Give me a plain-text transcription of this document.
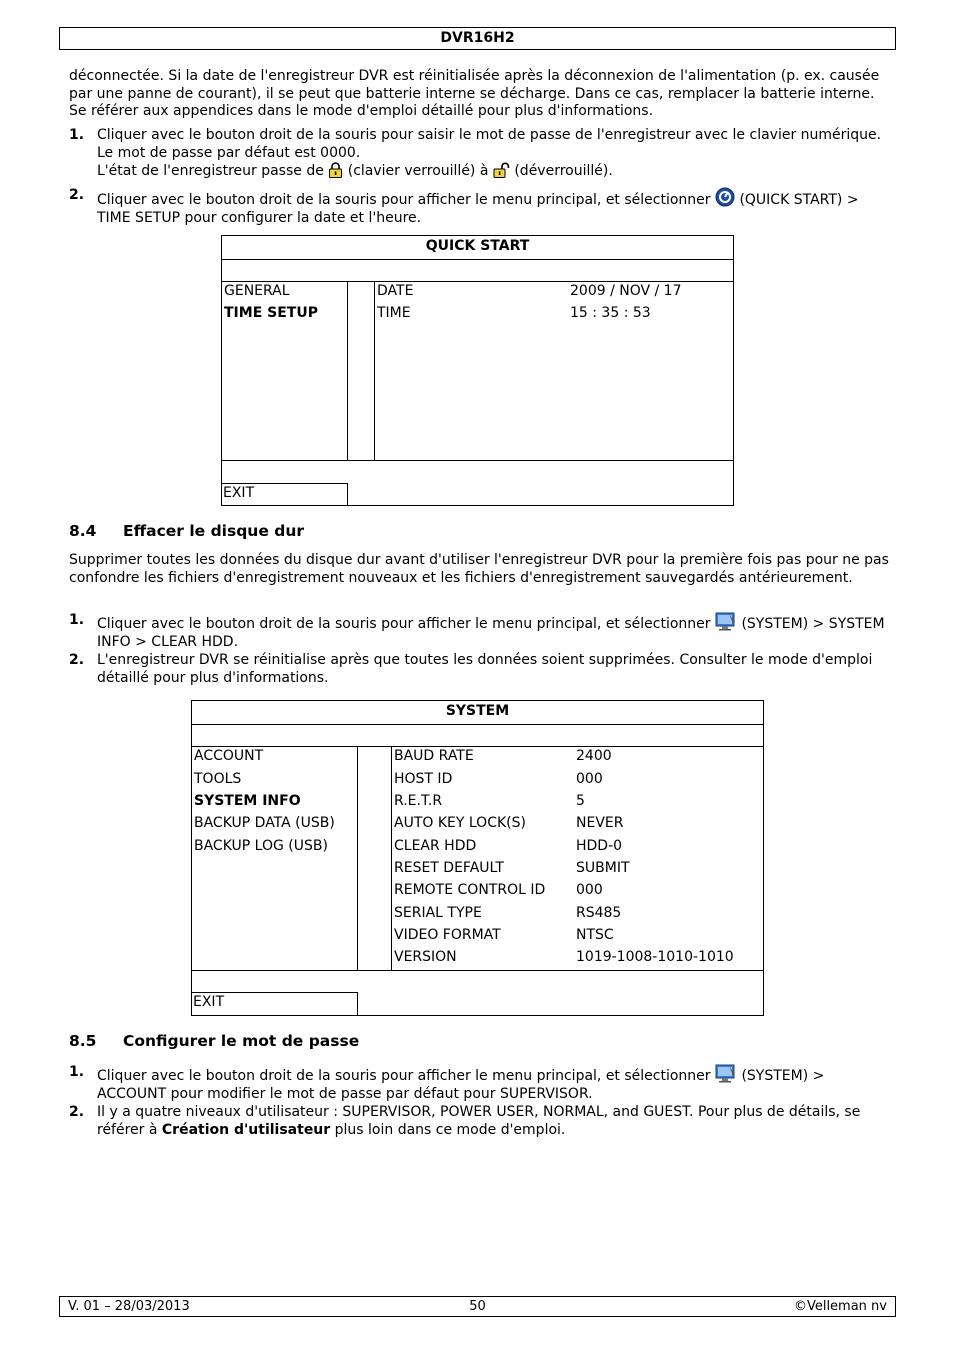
DVR16H2
déconnectée. Si la date de l'enregistreur DVR est réinitialisée après la déconnexion de l'alimentation (p. ex. causée par une panne de courant), il se peut que batterie interne se décharge. Dans ce cas, remplacer la batterie interne. Se référer aux appendices dans le mode d'emploi détaillé pour plus d'informations.
1. Cliquer avec le bouton droit de la souris pour saisir le mot de passe de l'enregistreur avec le clavier numérique. Le mot de passe par défaut est 0000.
L'état de l'enregistreur passe de (clavier verrouillé) à (déverrouillé).
2. Cliquer avec le bouton droit de la souris pour afficher le menu principal, et sélectionner (QUICK START) > TIME SETUP pour configurer la date et l'heure.
QUICK START
GENERAL
TIME SETUP
DATE	2009 / NOV / 17
TIME	15 : 35 : 53
EXIT
8.4 Effacer le disque dur
Supprimer toutes les données du disque dur avant d'utiliser l'enregistreur DVR pour la première fois pas pour ne pas confondre les fichiers d'enregistrement nouveaux et les fichiers d'enregistrement sauvegardés antérieurement.
1. Cliquer avec le bouton droit de la souris pour afficher le menu principal, et sélectionner (SYSTEM) > SYSTEM INFO > CLEAR HDD.
2. L'enregistreur DVR se réinitialise après que toutes les données soient supprimées. Consulter le mode d'emploi détaillé pour plus d'informations.
SYSTEM
ACCOUNT
TOOLS
SYSTEM INFO
BACKUP DATA (USB)
BACKUP LOG (USB)
BAUD RATE	2400
HOST ID	000
R.E.T.R	5
AUTO KEY LOCK(S)	NEVER
CLEAR HDD	HDD-0
RESET DEFAULT	SUBMIT
REMOTE CONTROL ID 000
SERIAL TYPE	RS485
VIDEO FORMAT	NTSC
VERSION	1019-1008-1010-1010
EXIT
8.5 Configurer le mot de passe
1. Cliquer avec le bouton droit de la souris pour afficher le menu principal, et sélectionner (SYSTEM) > ACCOUNT pour modifier le mot de passe par défaut pour SUPERVISOR.
2. Il y a quatre niveaux d'utilisateur : SUPERVISOR, POWER USER, NORMAL, and GUEST. Pour plus de détails, se référer à Création d'utilisateur plus loin dans ce mode d'emploi.
V. 01 – 28/03/2013	50	©Velleman nv
